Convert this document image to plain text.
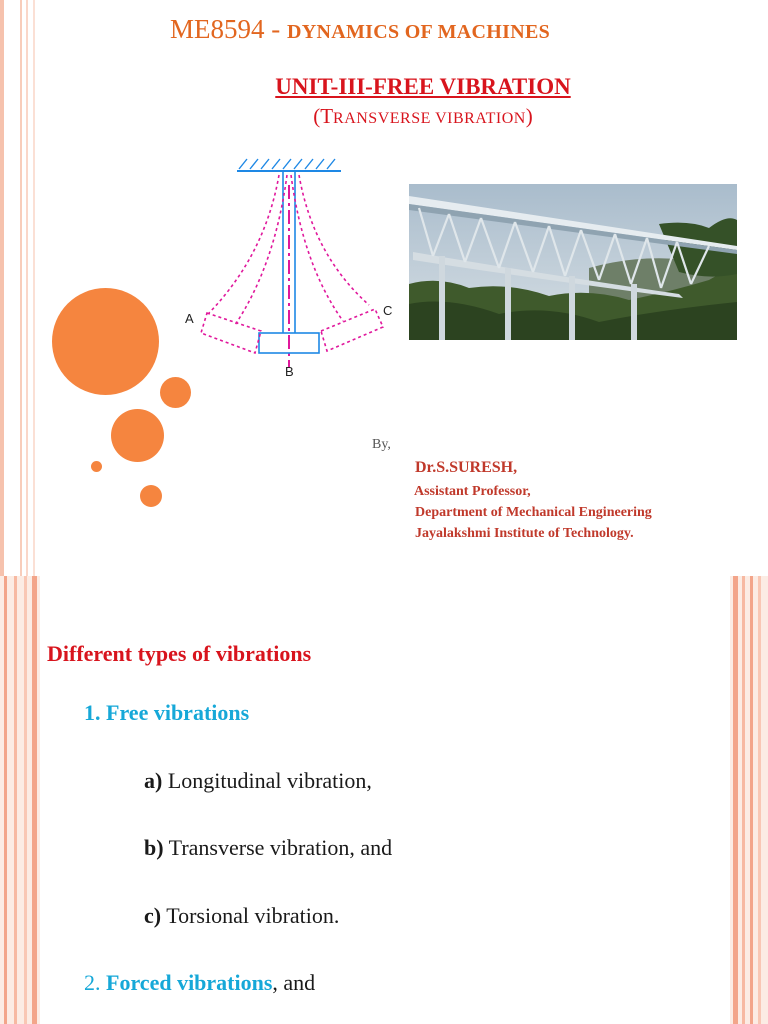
ME8594 - DYNAMICS OF MACHINES
UNIT-III-FREE VIBRATION
(TRANSVERSE VIBRATION)
A
B
C
By,
Dr.S.SURESH,
Assistant Professor,
Department of Mechanical Engineering
Jayalakshmi Institute of Technology.
Different types of vibrations
1. Free vibrations
a) Longitudinal vibration,
b) Transverse vibration, and
c) Torsional vibration.
2. Forced vibrations, and
